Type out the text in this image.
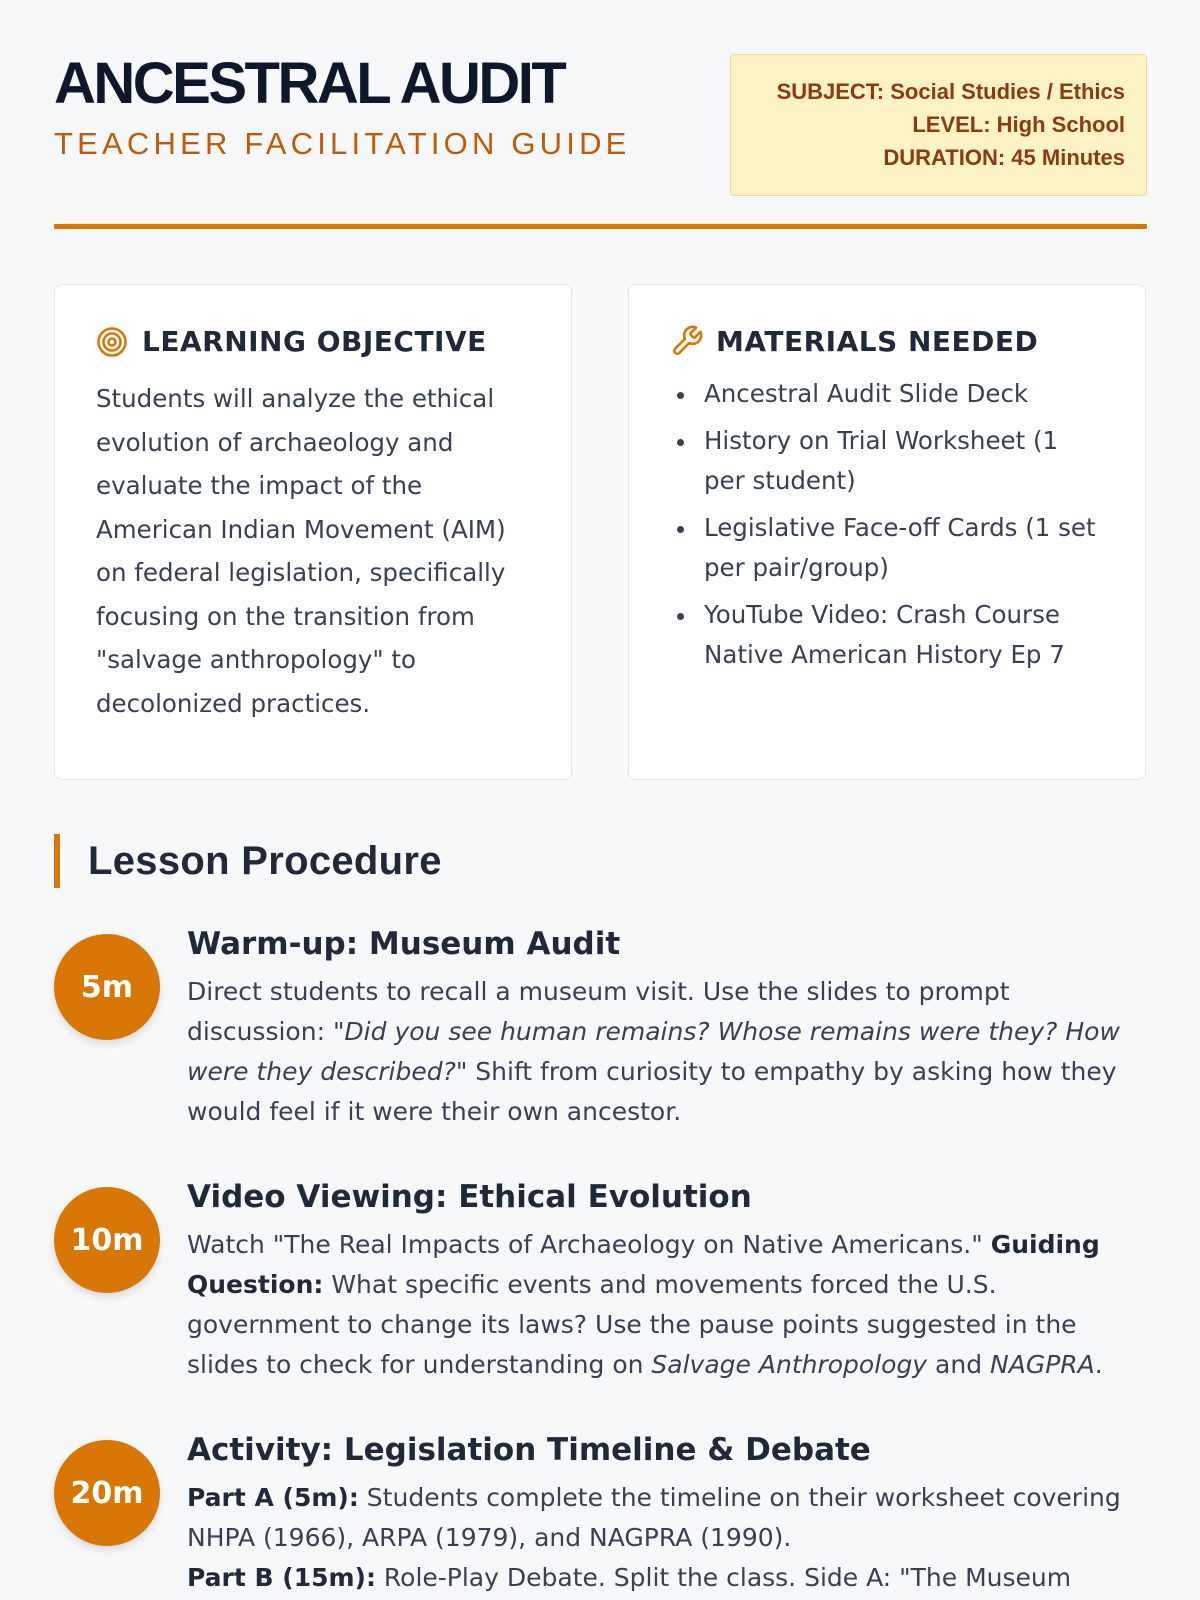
ANCESTRAL AUDIT
TEACHER FACILITATION GUIDE
SUBJECT: Social Studies / Ethics
LEVEL: High School
DURATION: 45 Minutes
LEARNING OBJECTIVE

Students will analyze the ethical evolution of archaeology and evaluate the impact of the American Indian Movement (AIM) on federal legislation, specifically focusing on the transition from "salvage anthropology" to decolonized practices.

MATERIALS NEEDED
Ancestral Audit Slide Deck
History on Trial Worksheet (1 per student)
Legislative Face-off Cards (1 set per pair/group)
YouTube Video: Crash Course Native American History Ep 7
Lesson Procedure
5m
Warm-up: Museum Audit

Direct students to recall a museum visit. Use the slides to prompt discussion: "Did you see human remains? Whose remains were they? How were they described?" Shift from curiosity to empathy by asking how they would feel if it were their own ancestor.

10m
Video Viewing: Ethical Evolution

Watch "The Real Impacts of Archaeology on Native Americans." Guiding Question: What specific events and movements forced the U.S. government to change its laws? Use the pause points suggested in the slides to check for understanding on Salvage Anthropology and NAGPRA.

20m
Activity: Legislation Timeline & Debate

Part A (5m): Students complete the timeline on their worksheet covering NHPA (1966), ARPA (1979), and NAGPRA (1990).
Part B (15m): Role-Play Debate. Split the class. Side A: "The Museum
